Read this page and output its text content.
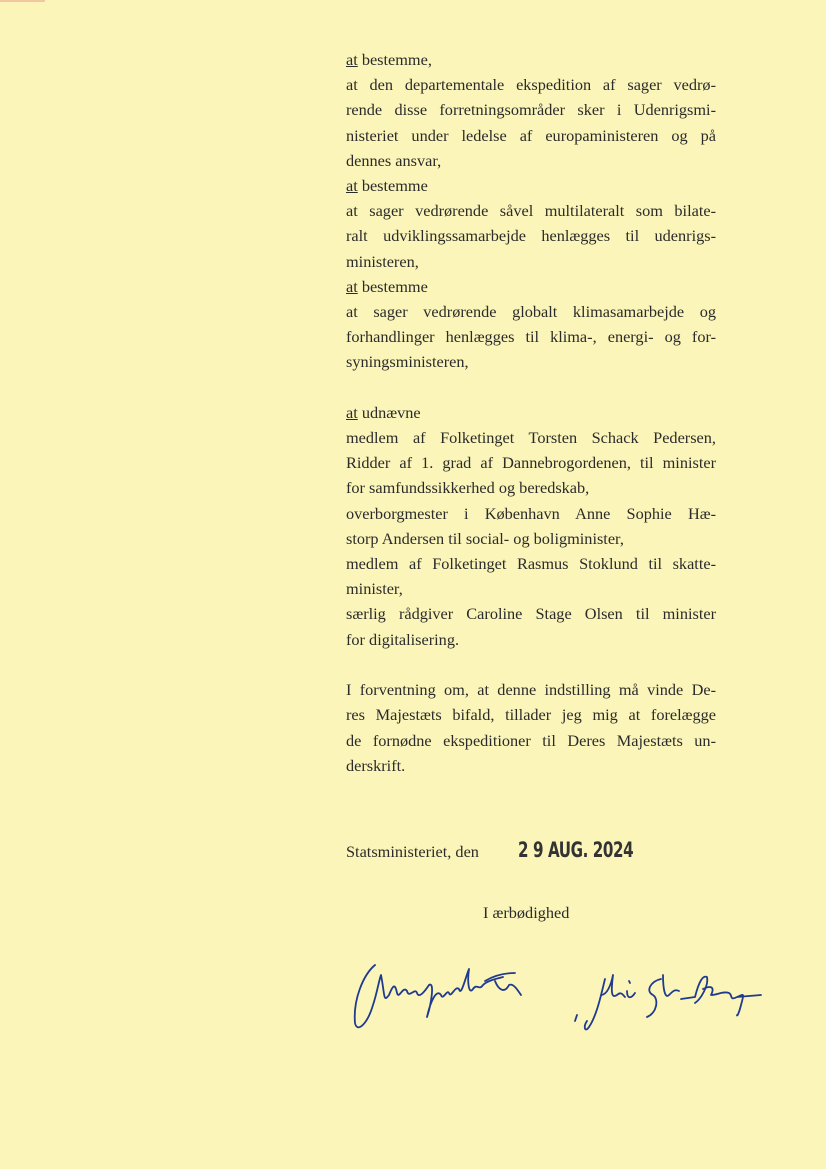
at bestemme,
at den departementale ekspedition af sager vedrø-
rende disse forretningsområder sker i Udenrigsmi-
nisteriet under ledelse af europaministeren og på
dennes ansvar,
at bestemme
at sager vedrørende såvel multilateralt som bilate-
ralt udviklingssamarbejde henlægges til udenrigs-
ministeren,
at bestemme
at sager vedrørende globalt klimasamarbejde og
forhandlinger henlægges til klima-, energi- og for-
syningsministeren,
at udnævne
medlem af Folketinget Torsten Schack Pedersen,
Ridder af 1. grad af Dannebrogordenen, til minister
for samfundssikkerhed og beredskab,
overborgmester i København Anne Sophie Hæ-
storp Andersen til social- og boligminister,
medlem af Folketinget Rasmus Stoklund til skatte-
minister,
særlig rådgiver Caroline Stage Olsen til minister
for digitalisering.
I forventning om, at denne indstilling må vinde De-
res Majestæts bifald, tillader jeg mig at forelægge
de fornødne ekspeditioner til Deres Majestæts un-
derskrift.
Statsministeriet, den 2 9 AUG. 2024
I ærbødighed
